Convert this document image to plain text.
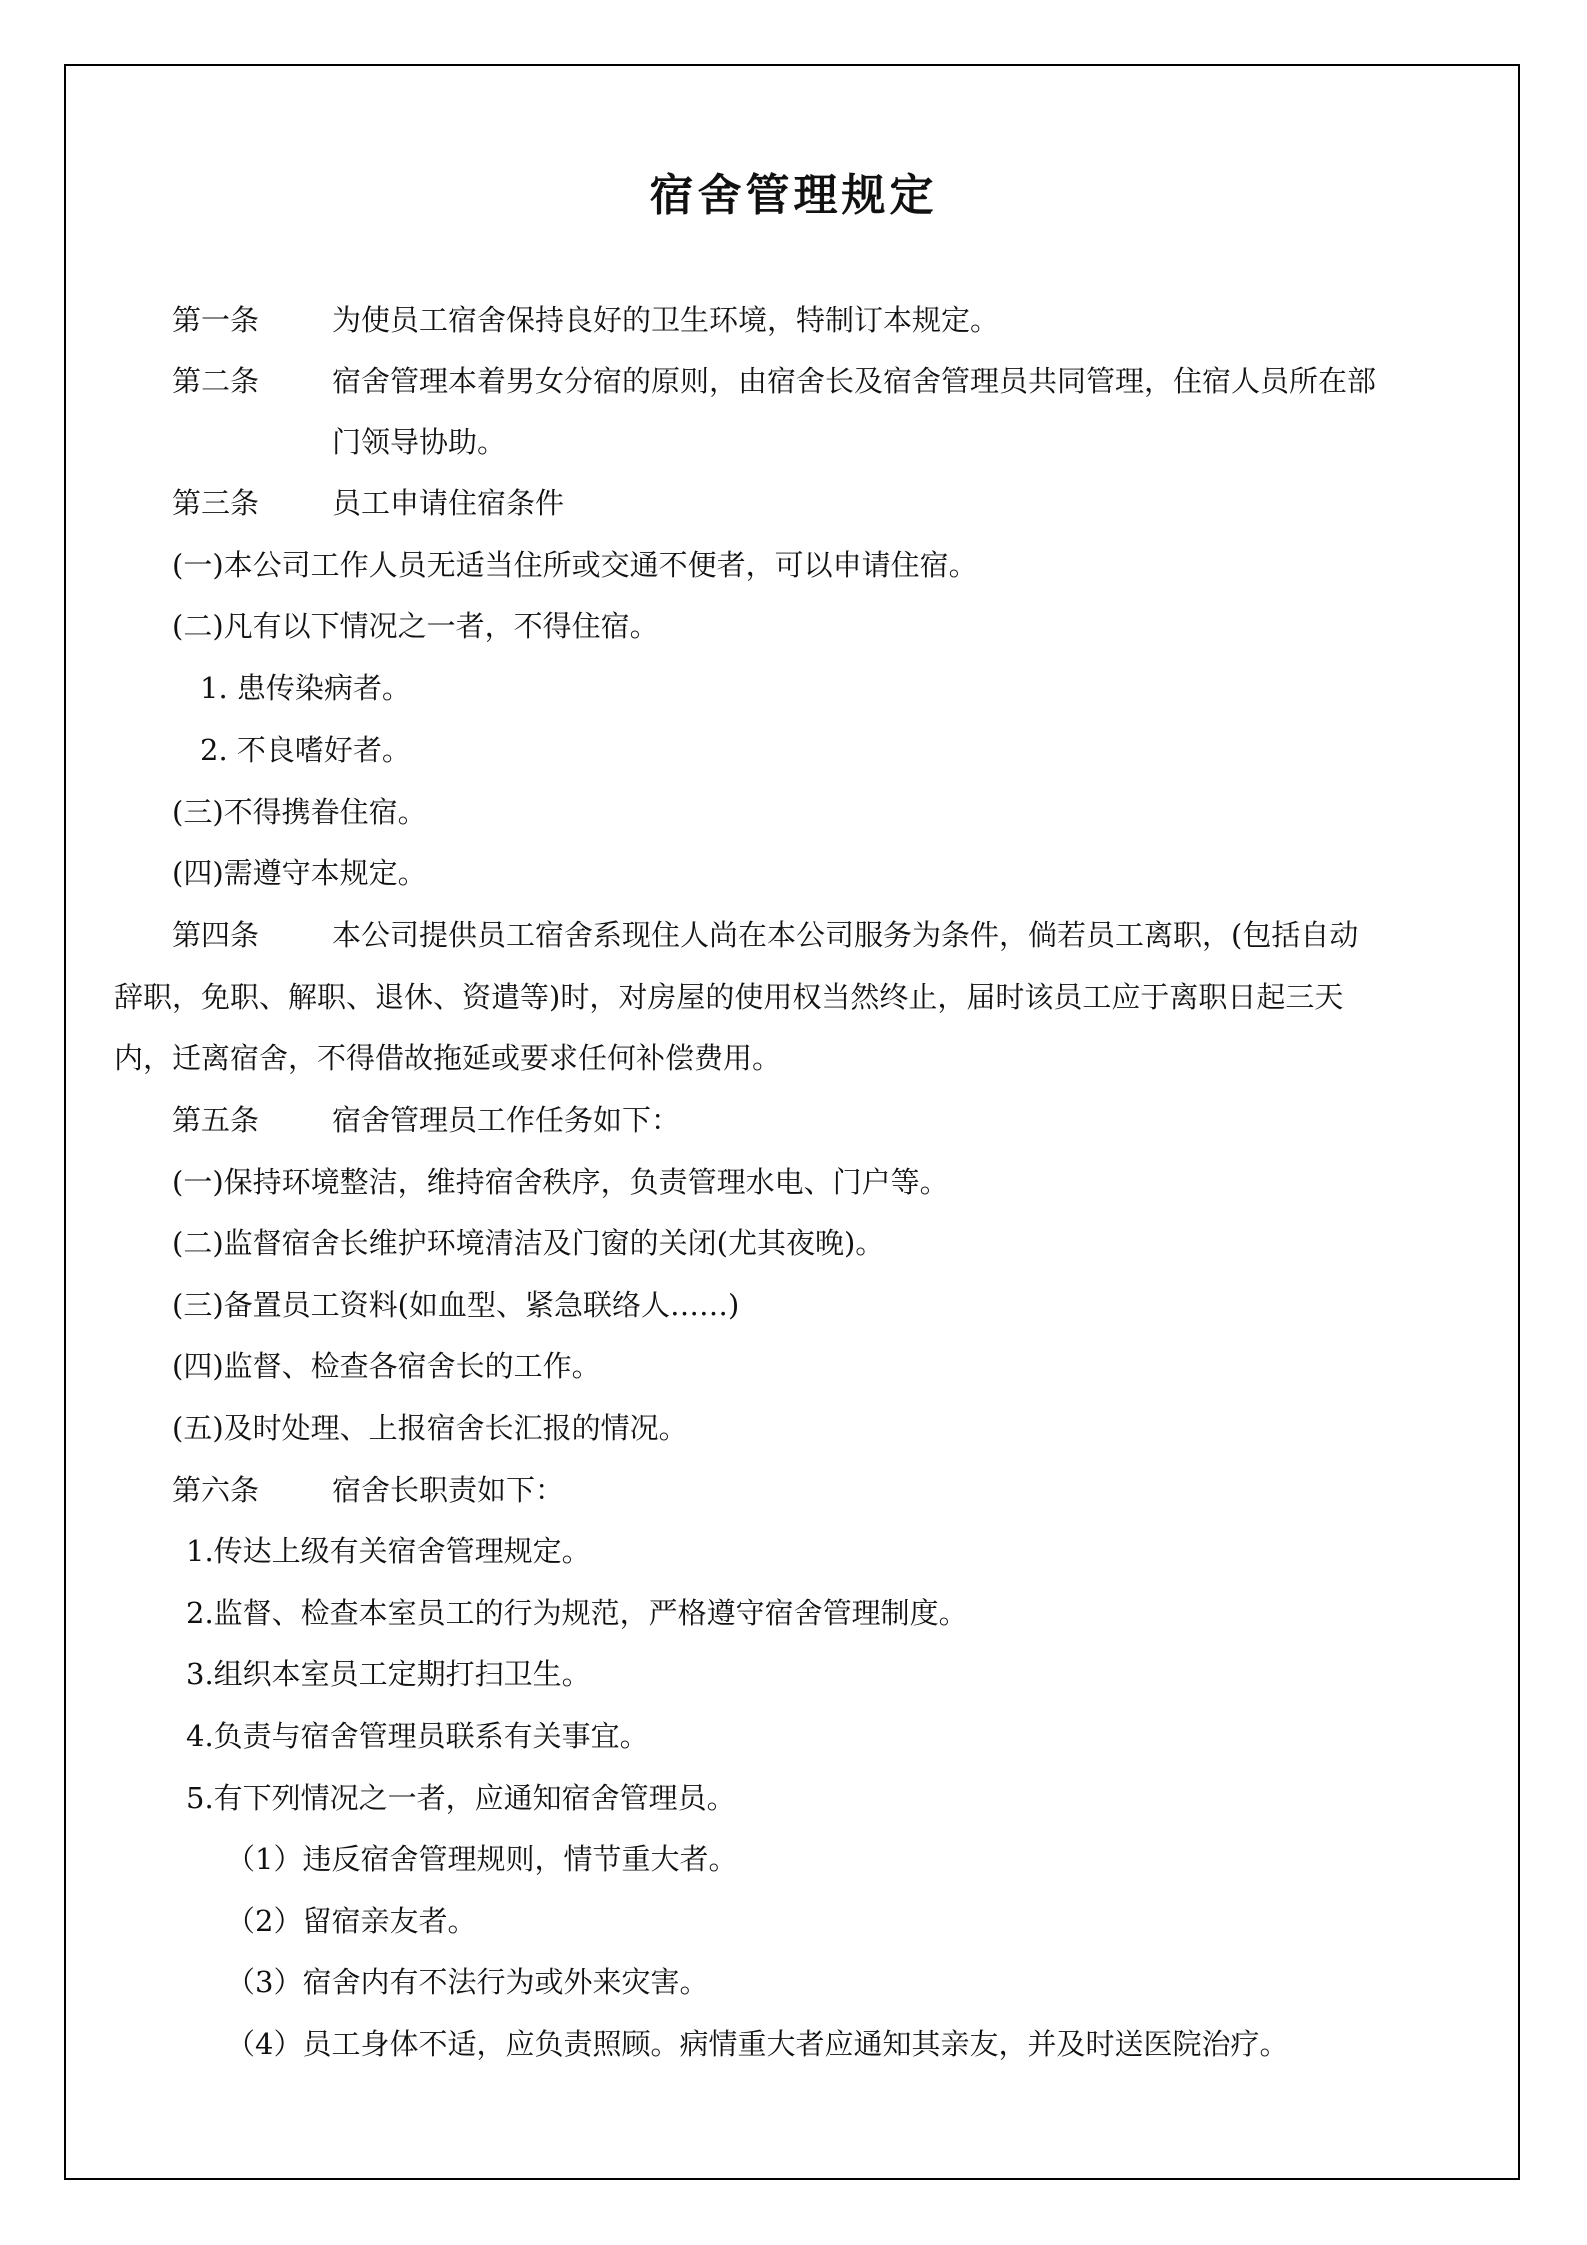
宿舍管理规定
第一条	为使员工宿舍保持良好的卫生环境，特制订本规定。
第二条	宿舍管理本着男女分宿的原则，由宿舍长及宿舍管理员共同管理，住宿人员所在部
门领导协助。
第三条	员工申请住宿条件
(一)本公司工作人员无适当住所或交通不便者，可以申请住宿。
(二)凡有以下情况之一者，不得住宿。
1. 患传染病者。
2. 不良嗜好者。
(三)不得携眷住宿。
(四)需遵守本规定。
第四条	本公司提供员工宿舍系现住人尚在本公司服务为条件，倘若员工离职，(包括自动
辞职，免职、解职、退休、资遣等)时，对房屋的使用权当然终止，届时该员工应于离职日起三天
内，迁离宿舍，不得借故拖延或要求任何补偿费用。
第五条	宿舍管理员工作任务如下：
(一)保持环境整洁，维持宿舍秩序，负责管理水电、门户等。
(二)监督宿舍长维护环境清洁及门窗的关闭(尤其夜晚)。
(三)备置员工资料(如血型、紧急联络人……)
(四)监督、检查各宿舍长的工作。
(五)及时处理、上报宿舍长汇报的情况。
第六条	宿舍长职责如下：
1.传达上级有关宿舍管理规定。
2.监督、检查本室员工的行为规范，严格遵守宿舍管理制度。
3.组织本室员工定期打扫卫生。
4.负责与宿舍管理员联系有关事宜。
5.有下列情况之一者，应通知宿舍管理员。
（1）违反宿舍管理规则，情节重大者。
（2）留宿亲友者。
（3）宿舍内有不法行为或外来灾害。
（4）员工身体不适，应负责照顾。病情重大者应通知其亲友，并及时送医院治疗。
